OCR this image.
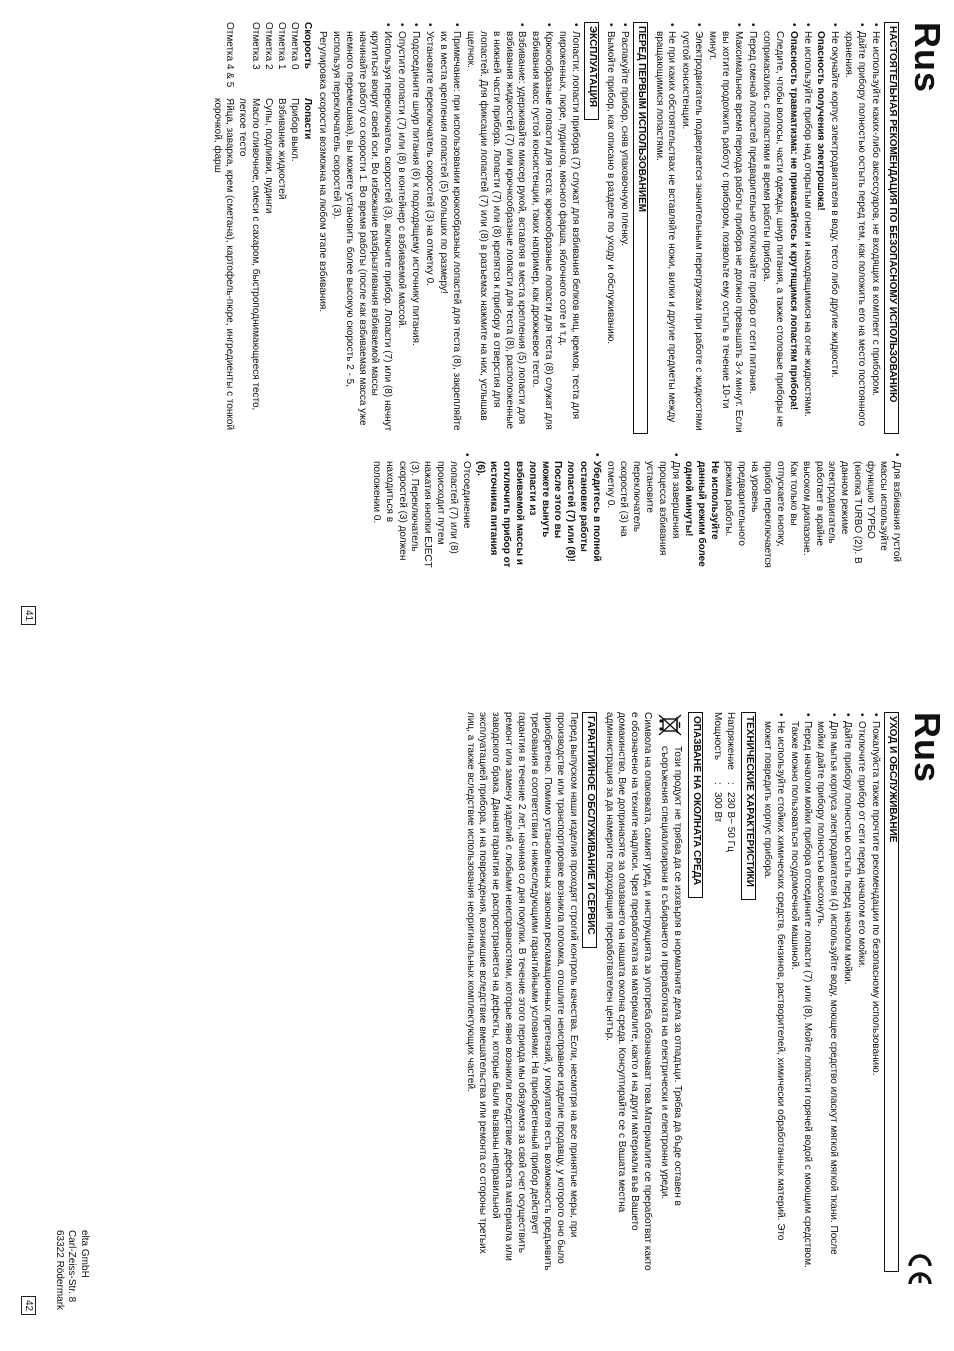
Rus
НАСТОЯТЕЛЬНАЯ РЕКОМЕНДАЦИЯ ПО БЕЗОПАСНОМУ ИСПОЛЬЗОВАНИЮ
• Не используйте каких-либо аксессуаров, не входящих в комплект с прибором.
• Дайте прибору полностью остыть перед тем, как положить его на место постоянного хранения.
• Не окунайте корпус электродвигателя в воду, тесто либо другие жидкости.
Опасность получения электрошока!
• Не используйте прибор над открытым огнем и находящимися на огне жидкостями.
• Опасность травматизма: не прикасайтесь к крутящимся лопастям прибора!
Следите, чтобы волосы, части одежды, шнур питания, а также столовые приборы не соприкасались с лопастями в время работы прибора.
• Перед сменой лопастей предварительно отключайте прибор от сети питания.
• Максимальное время периода работы прибора не должно превышать 3-х минут. Если вы хотите продолжить работу с прибором, позвольте ему остыть в течение 10-ти минут.
• Электродвигатель подвергается значительным перегрузкам при работе с жидкостями густой консистенции.
• Не при каких обстоятельствах не вставляйте ножи, вилки и другие предметы между вращающимися лопастями.
ПЕРЕД ПЕРВЫМ ИСПОЛЬЗОВАНИЕМ
• Распакуйте прибор, сняв упаковочную пленку.
• Вымойте прибор, как описано в разделе по уходу и обслуживанию.
ЭКСПЛУАТАЦИЯ
• Лопасти: лопасти прибора (7) служат для взбивания белков яиц, кремов, теста для пироженных, пюре, пудингов, мясного фарша, яблочного соте и т.д.
• Крюкообразные лопасти для теста: крюкообразные лопасти для теста (8) служат для взбивания масс густой консистенции, таких например, как дрожжевое тесто.
• Взбивание: удерживайте миксер рукой, вставляя в места крепления (5) лопасти для взбивания жидкостей (7) или крючкообразные лопасти для теста (8), расположенные в нижней части прибора. Лопасти (7) или (8) крепятся к прибору в отверстия для лопастей. Для фиксации лопастей (7) или (8) в разъемах нажмите на них, услышав щелчок.
• Примечание: при использовании крюкообразных лопастей для теста (8), закрепляйте их в места крепления лопастей (5) больших по размеру!
• Установите переключатель скоростей (3) на отметку 0.
• Подсоедините шнур питания (6) к подходящему источнику питания.
• Опустите лопасти (7) или (8) в контейнер с взбиваемой массой.
• Используя переключатель скоростей (3), включите прибор. Лопасти (7) или (8) начнут крутиться вокруг своей оси. Во избежание разбрызгивания взбиваемой массы начинайте работу со скорости 1. Во время работы (после как взбиваемая масса уже немного перемешана), вы можете установить более высокую скорость 2 - 5, используя переключатель скоростей (3).
Регулировка скорости возможна на любом этапе взбивания.
Скорость
Лопасти
Отметка 0
Прибор выкл.
Отметка 1
Взбивание жидкостей
Отметка 2
Супы, подливки, пудинги
Отметка 3
Масло сливочное, смеси с сахаром, быстроподнимающееся тесто, легкое тесто
Отметка 4 & 5
Яйца, заварка, крем (сметана), картофель-пюре, ингредиенты с тонкой корочкой, фарш
• Для взбивания густой массы используйте функцию ТУРБО (кнопка TURBO (2)). В данном режиме электродвигатель работает в крайне высоком диапазоне. Как только вы отпускаете кнопку, прибор переключается на уровень предварительного режима работы.
Не используйте данный режим более одной минуты!
• Для завершения процесса взбивания установите переключатель скоростей (3) на отметку 0.
• Убедитесь в полной остановке работы лопастей (7) или (8)! После этого вы можете вынуть лопасти из взбиваемой массы и отключить прибор от источника питания (6).
• Отсоединение лопастей (7) или (8) происходит путем нажатия кнопки EJECT (3). Переключатель скоростей (3) должен находиться в положении 0.
41
Rus
УХОД И ОБСЛУЖИВАНИЕ
• Пожалуйста также прочтите рекомендации по безопасному использованию.
• Отключите прибор от сети перед началом его мойки.
• Дайте прибору полностью остыть перед началом мойки.
• Для мытья корпуса электродвигателя (4) используйте воду, моющее средство иласкут мягкой мягкой ткани. После мойки дайте прибору полностью высохнуть.
• Перед началом мойки прибора отсоедините лопасти (7) или (8). Мойте лопасти горячей водой с моющим средством. Также можно пользоваться посудомоечной машиной.
• Не используйте стойких химических средств, бензинов, растворителей, химически обработанных материй. Это может повредить корпус прибора.
ТЕХНИЧЕСКИЕ ХАРАКТЕРИСТИКИ
Напряжение
:
230 В~ 50 Гц
Мощность
:
300 Вт
ОПАЗВАНЕ НА ОКОЛНАТА СРЕДА
Този продукт не трябва да се изхвърля в нормалните дела за отпадъци. Трябва да бъде оставен в
съоръжения специализирани в събирането и преработката на електрически и електронни уреди.

Символа на опаковката, самият уред, и инструкцията за употреба обозначават това.Материалите се преработват както е обозначено на техните надписи. Чрез преработката на материалите, както и на други материали във Вашето домакинство, Вие допринасяте за опазването на нашата околна среда. Консултирайте се с Вашата местна администрация за да намерите подходящия преработвателен център.

ГАРАНТИЙНОЕ ОБСЛУЖИВАНИЕ И СЕРВИС

Перед выпуском наши изделия проходят строгий контроль качества. Если, несмотря на все принятые меры, при производстве или транспортировке возникла поломка, отошлите неисправное изделие продавцу, у которого оно было приобретено. Помимо установленных законом рекламационных претензий, у покупателя есть возможность предъявить требования в соответствии с нижеследующими гарантийными условиями: На приобретенный прибор действует гарантия в течение 2 лет, начиная со дня покупки. В течение этого периода мы обязуемся за свой счет осуществить ремонт или замену изделий с любыми неисправностями, которые явно возникли вследствие дефекта материала или заводского брака. Данная гарантия не распространяется на дефекты, которые были вызваны неправильной эксплуатацией прибора, и на повреждения, возникшие вследствие вмешательства или ремонта со стороны третьих лиц, а также вследствие использования неоригинальных комплектующих частей.

elta GmbH
Carl-Zeiss-Str. 8
63322 Rödermark
42
